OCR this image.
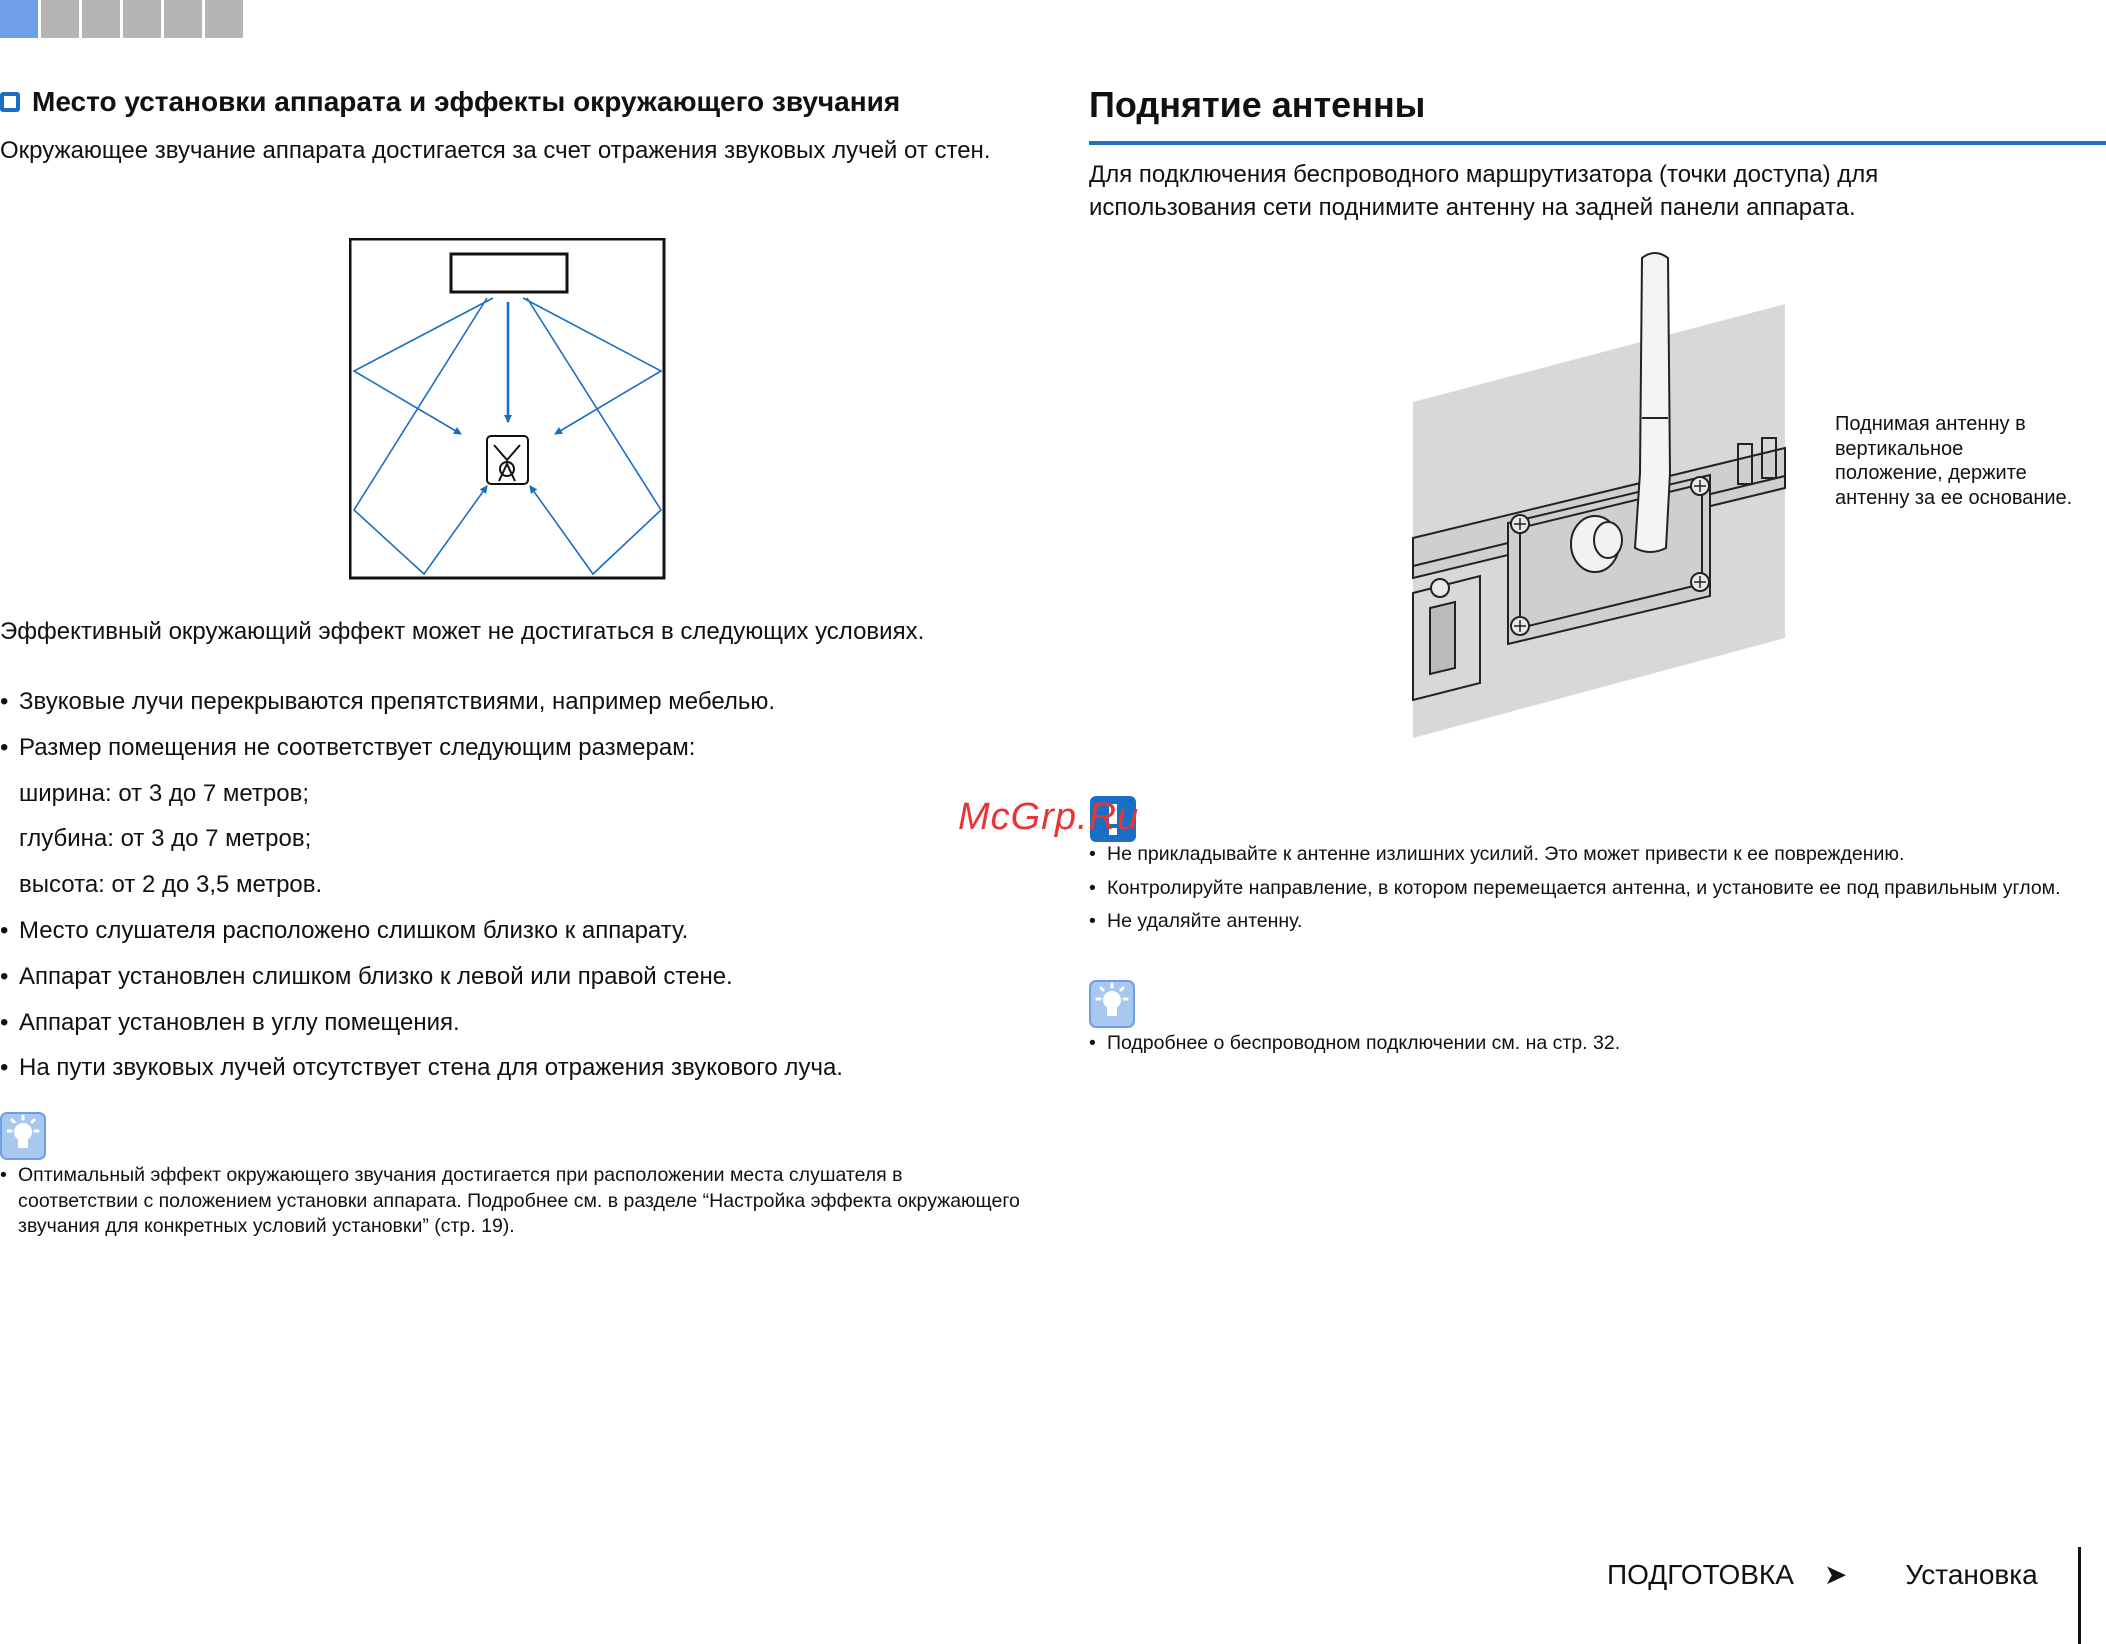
Место установки аппарата и эффекты окружающего звучания
Окружающее звучание аппарата достигается за счет отражения звуковых лучей от стен.
Эффективный окружающий эффект может не достигаться в следующих условиях.
• Звуковые лучи перекрываются препятствиями, например мебелью.
• Размер помещения не соответствует следующим размерам:
ширина: от 3 до 7 метров;
глубина: от 3 до 7 метров;
высота: от 2 до 3,5 метров.
• Место слушателя расположено слишком близко к аппарату.
• Аппарат установлен слишком близко к левой или правой стене.
• Аппарат установлен в углу помещения.
• На пути звуковых лучей отсутствует стена для отражения звукового луча.
• Оптимальный эффект окружающего звучания достигается при расположении места слушателя в соответствии с положением установки аппарата. Подробнее см. в разделе “Настройка эффекта окружающего звучания для конкретных условий установки” (стр. 19).
Поднятие антенны
Для подключения беспроводного маршрутизатора (точки доступа) для использования сети поднимите антенну на задней панели аппарата.
Поднимая антенну в вертикальное положение, держите антенну за ее основание.
McGrp.Ru
• Не прикладывайте к антенне излишних усилий. Это может привести к ее повреждению.
• Контролируйте направление, в котором перемещается антенна, и установите ее под правильным углом.
• Не удаляйте антенну.
• Подробнее о беспроводном подключении см. на стр. 32.
ПОДГОТОВКА ➤ Установка
